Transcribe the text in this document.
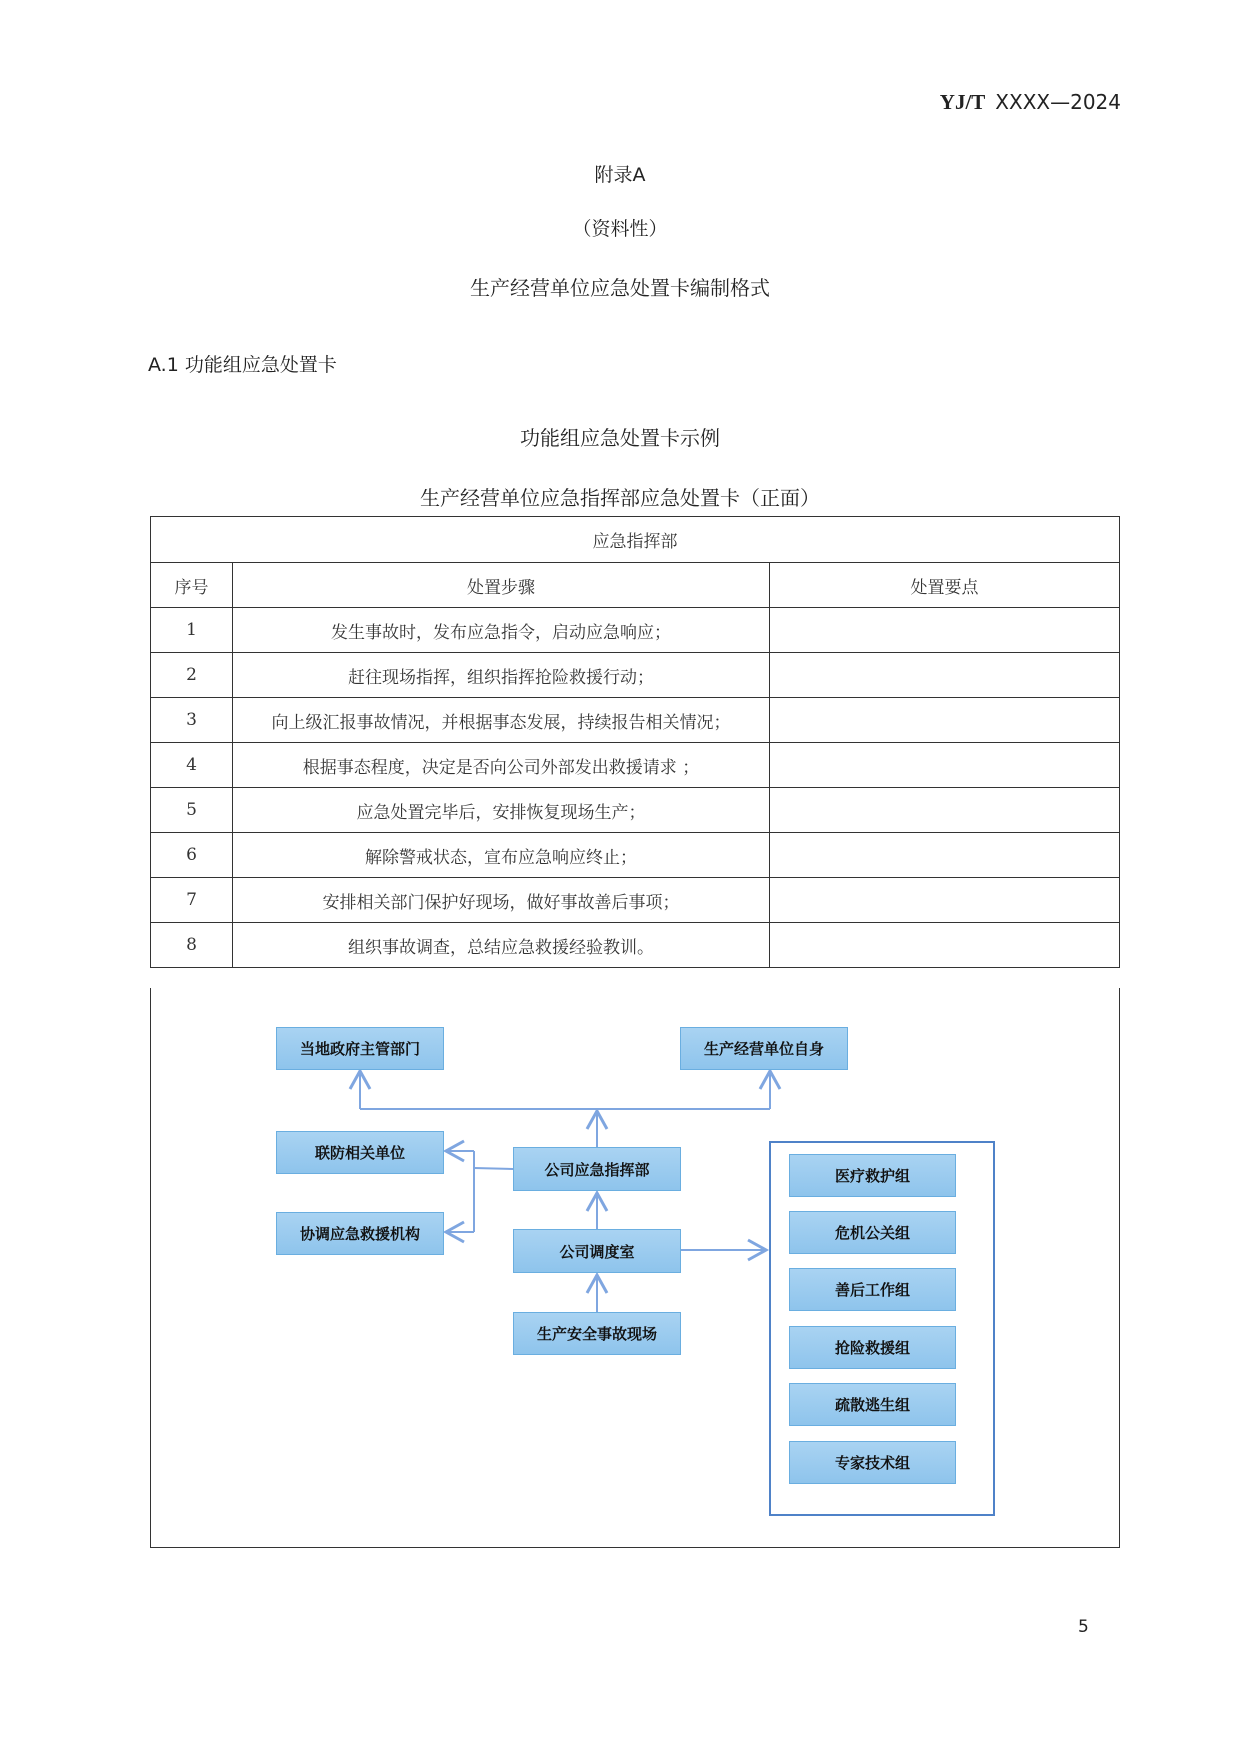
YJ/T XXXX—2024
附录A
（资料性）
生产经营单位应急处置卡编制格式
A.1 功能组应急处置卡
功能组应急处置卡示例
生产经营单位应急指挥部应急处置卡（正面）
应急指挥部		
序号	处置步骤	处置要点
1	发生事故时，发布应急指令，启动应急响应；	
2	赶往现场指挥，组织指挥抢险救援行动；	
3	向上级汇报事故情况，并根据事态发展，持续报告相关情况；	
4	根据事态程度，决定是否向公司外部发出救援请求 ；	
5	应急处置完毕后，安排恢复现场生产；	
6	解除警戒状态，宣布应急响应终止；	
7	安排相关部门保护好现场，做好事故善后事项；	
8	组织事故调查，总结应急救援经验教训。	
当地政府主管部门	生产经营单位自身
联防相关单位
协调应急救援机构
公司应急指挥部
公司调度室
生产安全事故现场
医疗救护组
危机公关组
善后工作组
抢险救援组
疏散逃生组
专家技术组
5
